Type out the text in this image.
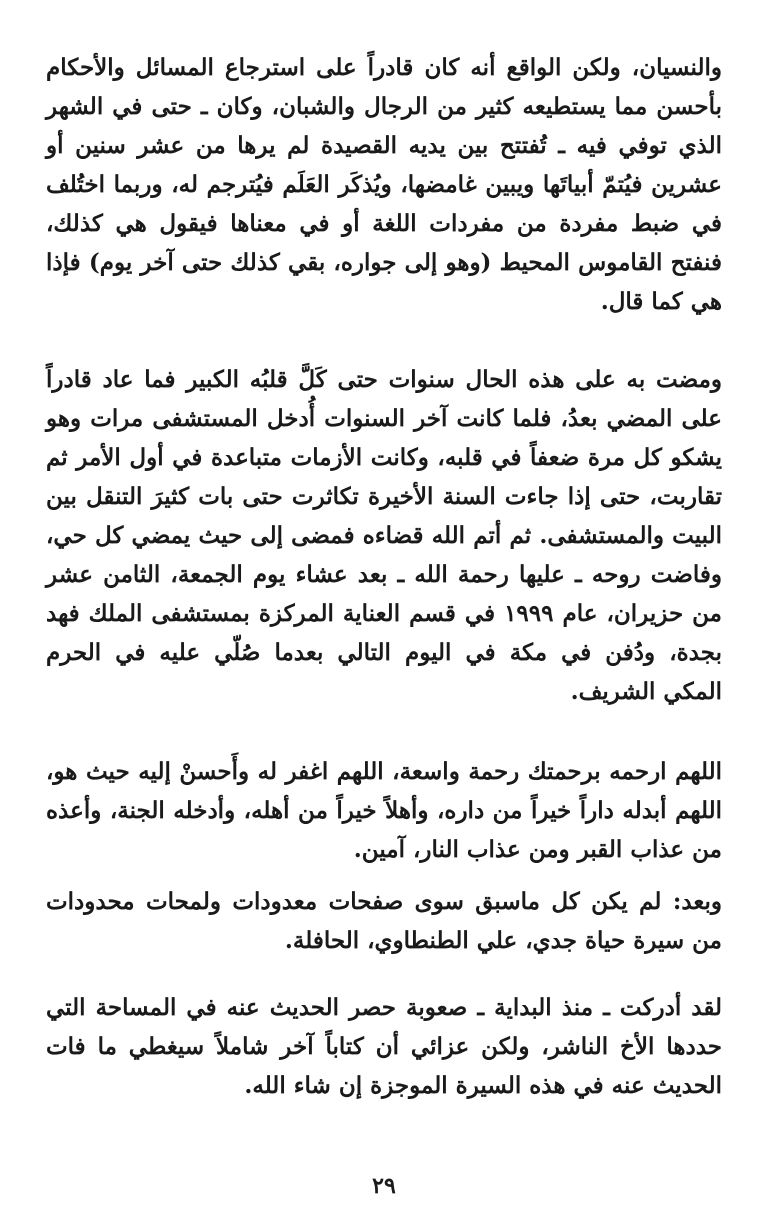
والنسيان، ولكن الواقع أنه كان قادراً على استرجاع المسائل والأحكام بأحسن مما يستطيعه كثير من الرجال والشبان، وكان ـ حتى في الشهر الذي توفي فيه ـ تُفتتح بين يديه القصيدة لم يرها من عشر سنين أو عشرين فيُتمّ أبياتَها ويبين غامضها، ويُذكَر العَلَم فيُترجم له، وربما اختُلف في ضبط مفردة من مفردات اللغة أو في معناها فيقول هي كذلك، فنفتح القاموس المحيط (وهو إلى جواره، بقي كذلك حتى آخر يوم) فإذا هي كما قال.

ومضت به على هذه الحال سنوات حتى كَلَّ قلبُه الكبير فما عاد قادراً على المضي بعدُ، فلما كانت آخر السنوات أُدخل المستشفى مرات وهو يشكو كل مرة ضعفاً في قلبه، وكانت الأزمات متباعدة في أول الأمر ثم تقاربت، حتى إذا جاءت السنة الأخيرة تكاثرت حتى بات كثيرَ التنقل بين البيت والمستشفى. ثم أتم الله قضاءه فمضى إلى حيث يمضي كل حي، وفاضت روحه ـ عليها رحمة الله ـ بعد عشاء يوم الجمعة، الثامن عشر من حزيران، عام ١٩٩٩ في قسم العناية المركزة بمستشفى الملك فهد بجدة، ودُفن في مكة في اليوم التالي بعدما صُلّي عليه في الحرم المكي الشريف.

اللهم ارحمه برحمتك رحمة واسعة، اللهم اغفر له وأَحسنْ إليه حيث هو، اللهم أبدله داراً خيراً من داره، وأهلاً خيراً من أهله، وأدخله الجنة، وأعذه من عذاب القبر ومن عذاب النار، آمين.

وبعد: لم يكن كل ماسبق سوى صفحات معدودات ولمحات محدودات من سيرة حياة جدي، علي الطنطاوي، الحافلة.

لقد أدركت ـ منذ البداية ـ صعوبة حصر الحديث عنه في المساحة التي حددها الأخ الناشر، ولكن عزائي أن كتاباً آخر شاملاً سيغطي ما فات الحديث عنه في هذه السيرة الموجزة إن شاء الله.

٢٩
